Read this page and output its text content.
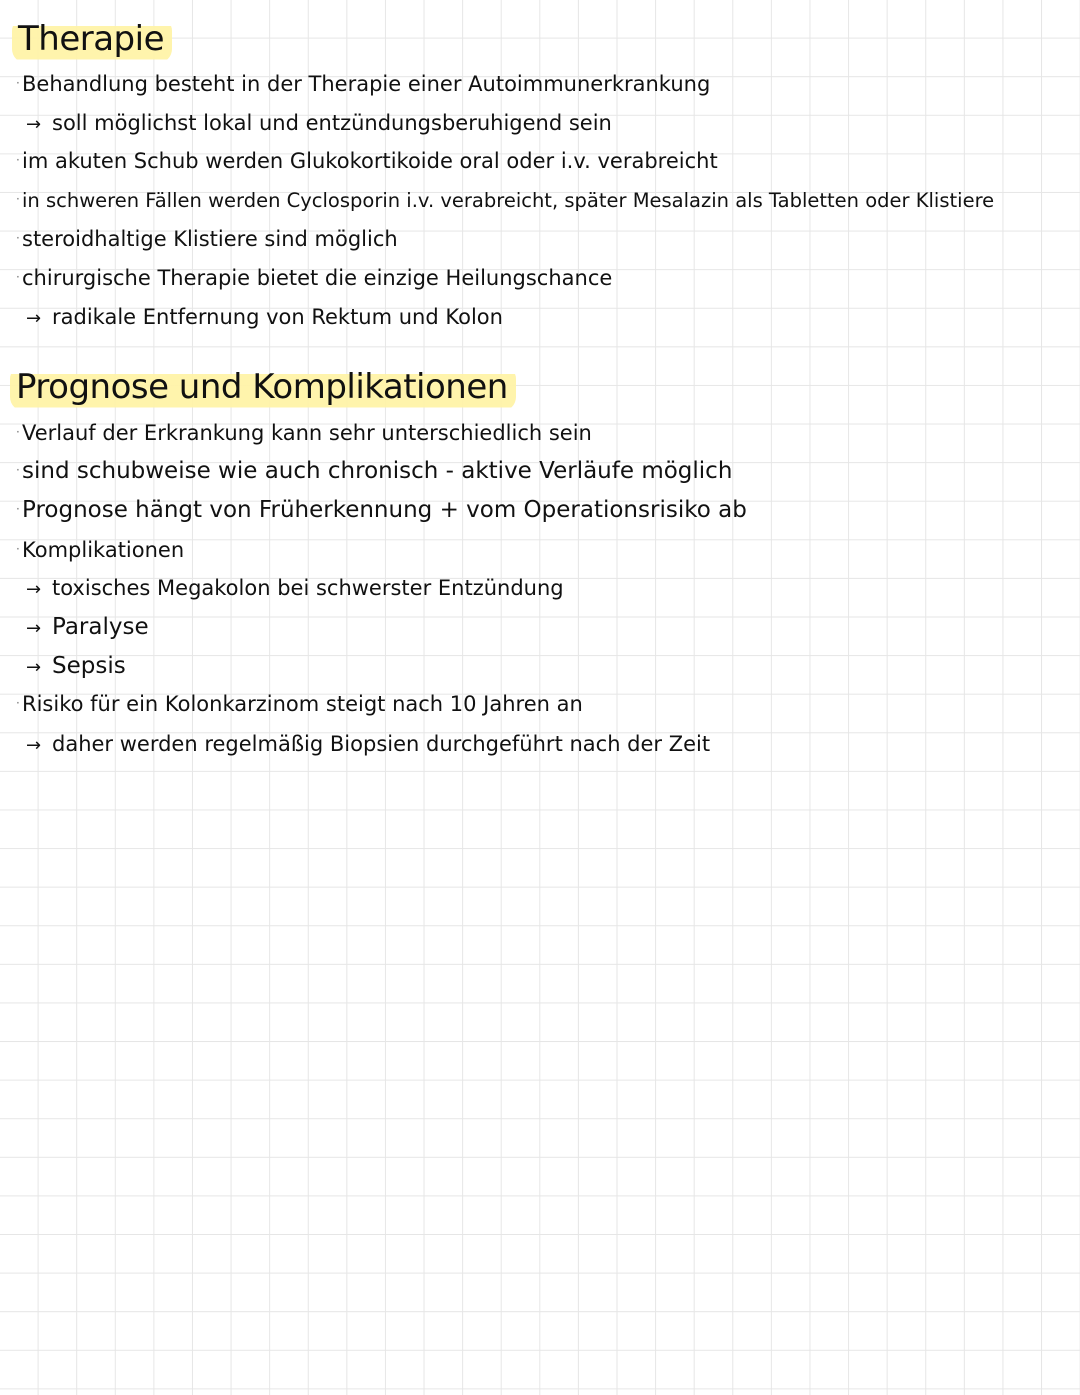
Therapie
· Behandlung besteht in der Therapie einer Autoimmunerkrankung
→ soll möglichst lokal und entzündungsberuhigend sein
· im akuten Schub werden Glukokortikoide oral oder i.v. verabreicht
· in schweren Fällen werden Cyclosporin i.v. verabreicht, später Mesalazin als Tabletten oder Klistiere
· steroidhaltige Klistiere sind möglich
· chirurgische Therapie bietet die einzige Heilungschance
→ radikale Entfernung von Rektum und Kolon
Prognose und Komplikationen
· Verlauf der Erkrankung kann sehr unterschiedlich sein
·sind schubweise wie auch chronisch - aktive Verläufe möglich
·Prognose hängt von Früherkennung + vom Operationsrisiko ab
· Komplikationen
→ toxisches Megakolon bei schwerster Entzündung
→ Paralyse
→ Sepsis
· Risiko für ein Kolonkarzinom steigt nach 10 Jahren an
→ daher werden regelmäßig Biopsien durchgeführt nach der Zeit
